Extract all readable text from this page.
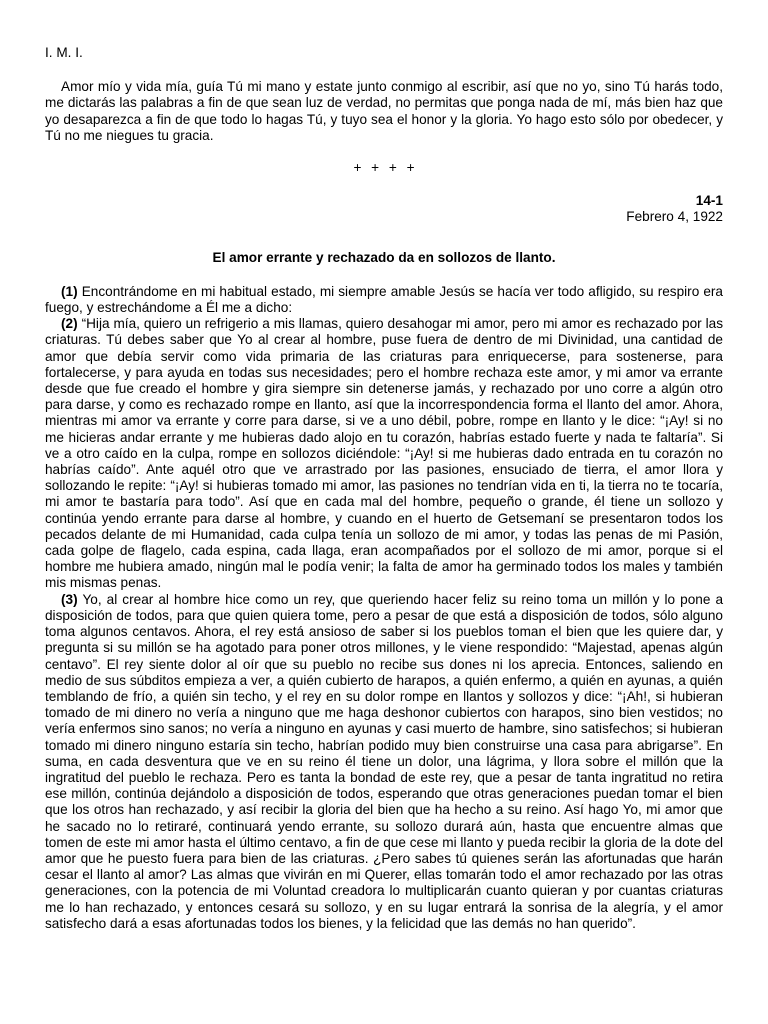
I. M. I.

Amor mío y vida mía, guía Tú mi mano y estate junto conmigo al escribir, así que no yo, sino Tú harás todo, me dictarás las palabras a fin de que sean luz de verdad, no permitas que ponga nada de mí, más bien haz que yo desaparezca a fin de que todo lo hagas Tú, y tuyo sea el honor y la gloria. Yo hago esto sólo por obedecer, y Tú no me niegues tu gracia.

+ + + +

14-1
Febrero 4, 1922

El amor errante y rechazado da en sollozos de llanto.

(1) Encontrándome en mi habitual estado, mi siempre amable Jesús se hacía ver todo afligido, su respiro era fuego, y estrechándome a Él me a dicho:

(2) “Hija mía, quiero un refrigerio a mis llamas, quiero desahogar mi amor, pero mi amor es rechazado por las criaturas. Tú debes saber que Yo al crear al hombre, puse fuera de dentro de mi Divinidad, una cantidad de amor que debía servir como vida primaria de las criaturas para enriquecerse, para sostenerse, para fortalecerse, y para ayuda en todas sus necesidades; pero el hombre rechaza este amor, y mi amor va errante desde que fue creado el hombre y gira siempre sin detenerse jamás, y rechazado por uno corre a algún otro para darse, y como es rechazado rompe en llanto, así que la incorrespondencia forma el llanto del amor. Ahora, mientras mi amor va errante y corre para darse, si ve a uno débil, pobre, rompe en llanto y le dice: “¡Ay! si no me hicieras andar errante y me hubieras dado alojo en tu corazón, habrías estado fuerte y nada te faltaría”. Si ve a otro caído en la culpa, rompe en sollozos diciéndole: “¡Ay! si me hubieras dado entrada en tu corazón no habrías caído”. Ante aquél otro que ve arrastrado por las pasiones, ensuciado de tierra, el amor llora y sollozando le repite: “¡Ay! si hubieras tomado mi amor, las pasiones no tendrían vida en ti, la tierra no te tocaría, mi amor te bastaría para todo”. Así que en cada mal del hombre, pequeño o grande, él tiene un sollozo y continúa yendo errante para darse al hombre, y cuando en el huerto de Getsemaní se presentaron todos los pecados delante de mi Humanidad, cada culpa tenía un sollozo de mi amor, y todas las penas de mi Pasión, cada golpe de flagelo, cada espina, cada llaga, eran acompañados por el sollozo de mi amor, porque si el hombre me hubiera amado, ningún mal le podía venir; la falta de amor ha germinado todos los males y también mis mismas penas.

(3) Yo, al crear al hombre hice como un rey, que queriendo hacer feliz su reino toma un millón y lo pone a disposición de todos, para que quien quiera tome, pero a pesar de que está a disposición de todos, sólo alguno toma algunos centavos. Ahora, el rey está ansioso de saber si los pueblos toman el bien que les quiere dar, y pregunta si su millón se ha agotado para poner otros millones, y le viene respondido: “Majestad, apenas algún centavo”. El rey siente dolor al oír que su pueblo no recibe sus dones ni los aprecia. Entonces, saliendo en medio de sus súbditos empieza a ver, a quién cubierto de harapos, a quién enfermo, a quién en ayunas, a quién temblando de frío, a quién sin techo, y el rey en su dolor rompe en llantos y sollozos y dice: “¡Ah!, si hubieran tomado de mi dinero no vería a ninguno que me haga deshonor cubiertos con harapos, sino bien vestidos; no vería enfermos sino sanos; no vería a ninguno en ayunas y casi muerto de hambre, sino satisfechos; si hubieran tomado mi dinero ninguno estaría sin techo, habrían podido muy bien construirse una casa para abrigarse”. En suma, en cada desventura que ve en su reino él tiene un dolor, una lágrima, y llora sobre el millón que la ingratitud del pueblo le rechaza. Pero es tanta la bondad de este rey, que a pesar de tanta ingratitud no retira ese millón, continúa dejándolo a disposición de todos, esperando que otras generaciones puedan tomar el bien que los otros han rechazado, y así recibir la gloria del bien que ha hecho a su reino. Así hago Yo, mi amor que he sacado no lo retiraré, continuará yendo errante, su sollozo durará aún, hasta que encuentre almas que tomen de este mi amor hasta el último centavo, a fin de que cese mi llanto y pueda recibir la gloria de la dote del amor que he puesto fuera para bien de las criaturas. ¿Pero sabes tú quienes serán las afortunadas que harán cesar el llanto al amor? Las almas que vivirán en mi Querer, ellas tomarán todo el amor rechazado por las otras generaciones, con la potencia de mi Voluntad creadora lo multiplicarán cuanto quieran y por cuantas criaturas me lo han rechazado, y entonces cesará su sollozo, y en su lugar entrará la sonrisa de la alegría, y el amor satisfecho dará a esas afortunadas todos los bienes, y la felicidad que las demás no han querido”.
